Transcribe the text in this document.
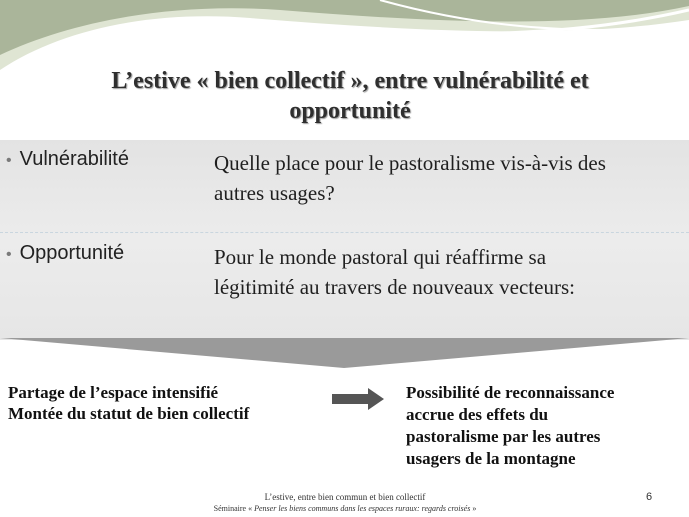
L’estive « bien collectif », entre vulnérabilité et
opportunité
• Vulnérabilité	Quelle place pour le pastoralisme vis-à-vis des
autres usages?
• Opportunité	Pour le monde pastoral qui réaffirme sa
légitimité au travers de nouveaux vecteurs:
Partage de l’espace intensifié
Montée du statut de bien collectif
Possibilité de reconnaissance
accrue des effets du
pastoralisme par les autres
usagers de la montagne
L’estive, entre bien commun et bien collectif
Séminaire « Penser les biens communs dans les espaces ruraux: regards croisés »
6
